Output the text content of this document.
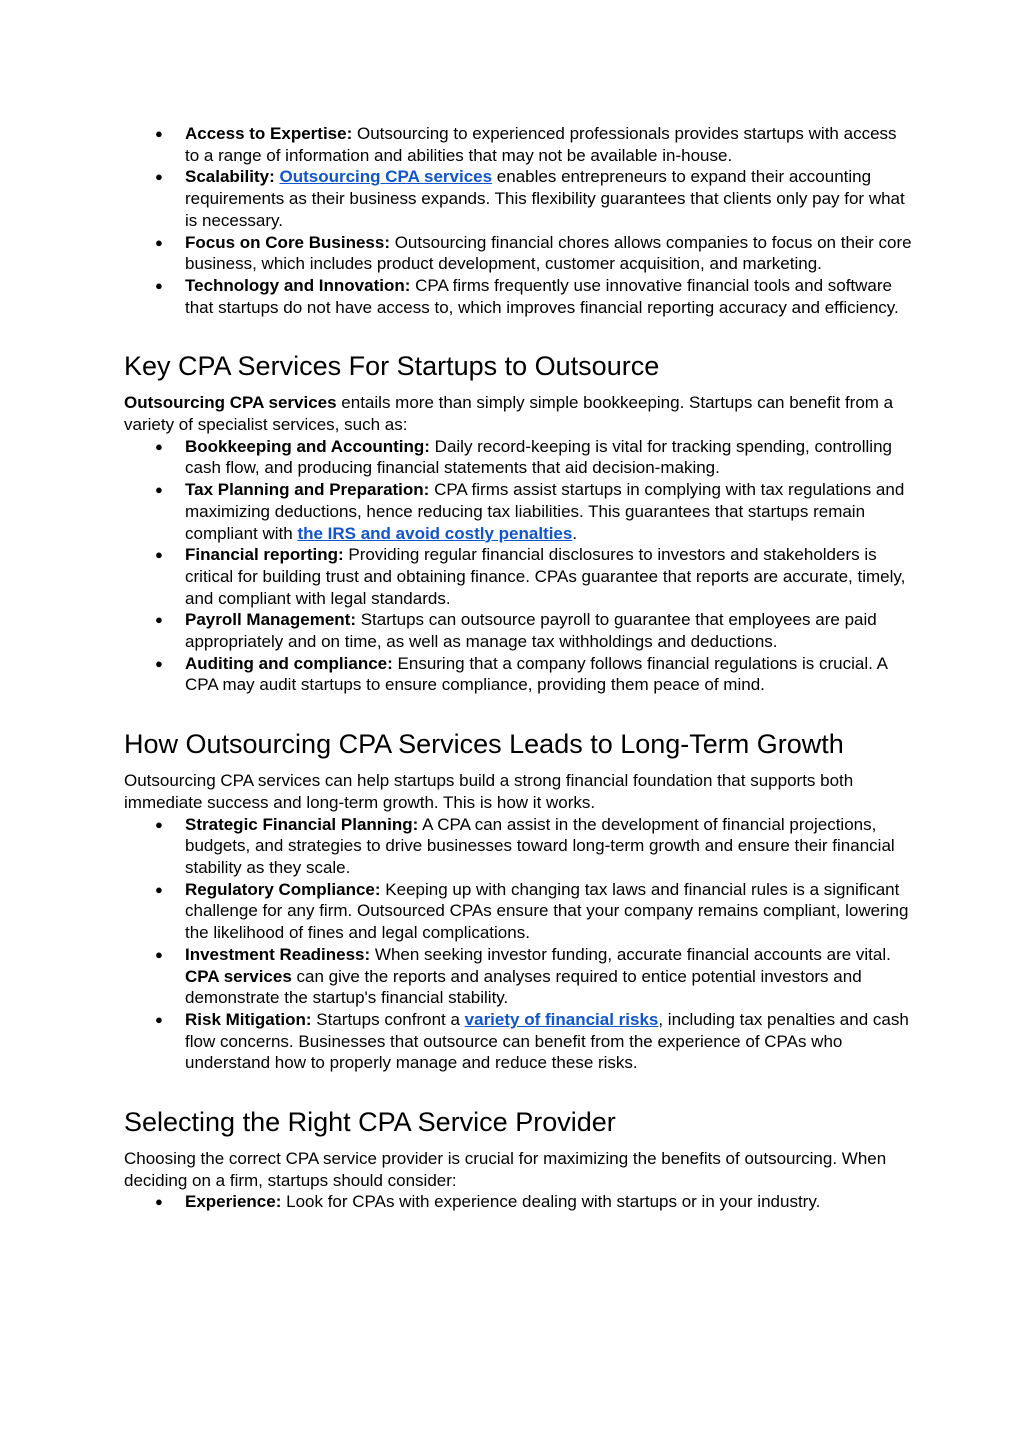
● Access to Expertise: Outsourcing to experienced professionals provides startups with access to a range of information and abilities that may not be available in-house.
● Scalability: Outsourcing CPA services enables entrepreneurs to expand their accounting requirements as their business expands. This flexibility guarantees that clients only pay for what is necessary.
● Focus on Core Business: Outsourcing financial chores allows companies to focus on their core business, which includes product development, customer acquisition, and marketing.
● Technology and Innovation: CPA firms frequently use innovative financial tools and software that startups do not have access to, which improves financial reporting accuracy and efficiency.
Key CPA Services For Startups to Outsource

Outsourcing CPA services entails more than simply simple bookkeeping. Startups can benefit from a variety of specialist services, such as:

● Bookkeeping and Accounting: Daily record-keeping is vital for tracking spending, controlling cash flow, and producing financial statements that aid decision-making.
● Tax Planning and Preparation: CPA firms assist startups in complying with tax regulations and maximizing deductions, hence reducing tax liabilities. This guarantees that startups remain compliant with the IRS and avoid costly penalties.
● Financial reporting: Providing regular financial disclosures to investors and stakeholders is critical for building trust and obtaining finance. CPAs guarantee that reports are accurate, timely, and compliant with legal standards.
● Payroll Management: Startups can outsource payroll to guarantee that employees are paid appropriately and on time, as well as manage tax withholdings and deductions.
● Auditing and compliance: Ensuring that a company follows financial regulations is crucial. A CPA may audit startups to ensure compliance, providing them peace of mind.
How Outsourcing CPA Services Leads to Long-Term Growth

Outsourcing CPA services can help startups build a strong financial foundation that supports both immediate success and long-term growth. This is how it works.

● Strategic Financial Planning: A CPA can assist in the development of financial projections, budgets, and strategies to drive businesses toward long-term growth and ensure their financial stability as they scale.
● Regulatory Compliance: Keeping up with changing tax laws and financial rules is a significant challenge for any firm. Outsourced CPAs ensure that your company remains compliant, lowering the likelihood of fines and legal complications.
● Investment Readiness: When seeking investor funding, accurate financial accounts are vital. CPA services can give the reports and analyses required to entice potential investors and demonstrate the startup's financial stability.
● Risk Mitigation: Startups confront a variety of financial risks, including tax penalties and cash flow concerns. Businesses that outsource can benefit from the experience of CPAs who understand how to properly manage and reduce these risks.
Selecting the Right CPA Service Provider

Choosing the correct CPA service provider is crucial for maximizing the benefits of outsourcing. When deciding on a firm, startups should consider:

● Experience: Look for CPAs with experience dealing with startups or in your industry.
